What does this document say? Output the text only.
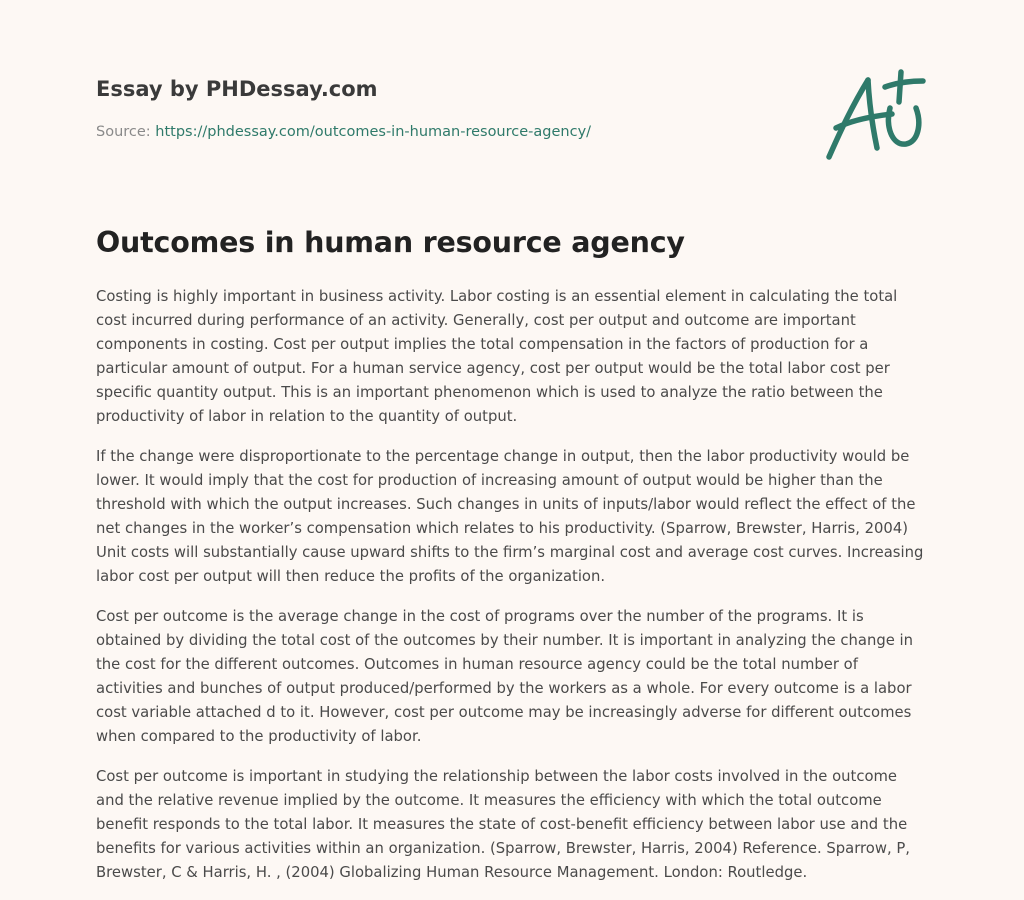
Essay by PHDessay.com
Source: https://phdessay.com/outcomes-in-human-resource-agency/
Outcomes in human resource agency

Costing is highly important in business activity. Labor costing is an essential element in calculating the total cost incurred during performance of an activity. Generally, cost per output and outcome are important components in costing. Cost per output implies the total compensation in the factors of production for a particular amount of output. For a human service agency, cost per output would be the total labor cost per specific quantity output. This is an important phenomenon which is used to analyze the ratio between the productivity of labor in relation to the quantity of output.

If the change were disproportionate to the percentage change in output, then the labor productivity would be lower. It would imply that the cost for production of increasing amount of output would be higher than the threshold with which the output increases. Such changes in units of inputs/labor would reflect the effect of the net changes in the worker’s compensation which relates to his productivity. (Sparrow, Brewster, Harris, 2004) Unit costs will substantially cause upward shifts to the firm’s marginal cost and average cost curves. Increasing labor cost per output will then reduce the profits of the organization.

Cost per outcome is the average change in the cost of programs over the number of the programs. It is obtained by dividing the total cost of the outcomes by their number. It is important in analyzing the change in the cost for the different outcomes. Outcomes in human resource agency could be the total number of activities and bunches of output produced/performed by the workers as a whole. For every outcome is a labor cost variable attached d to it. However, cost per outcome may be increasingly adverse for different outcomes when compared to the productivity of labor.

Cost per outcome is important in studying the relationship between the labor costs involved in the outcome and the relative revenue implied by the outcome. It measures the efficiency with which the total outcome benefit responds to the total labor. It measures the state of cost-benefit efficiency between labor use and the benefits for various activities within an organization. (Sparrow, Brewster, Harris, 2004) Reference. Sparrow, P, Brewster, C & Harris, H. , (2004) Globalizing Human Resource Management. London: Routledge.
